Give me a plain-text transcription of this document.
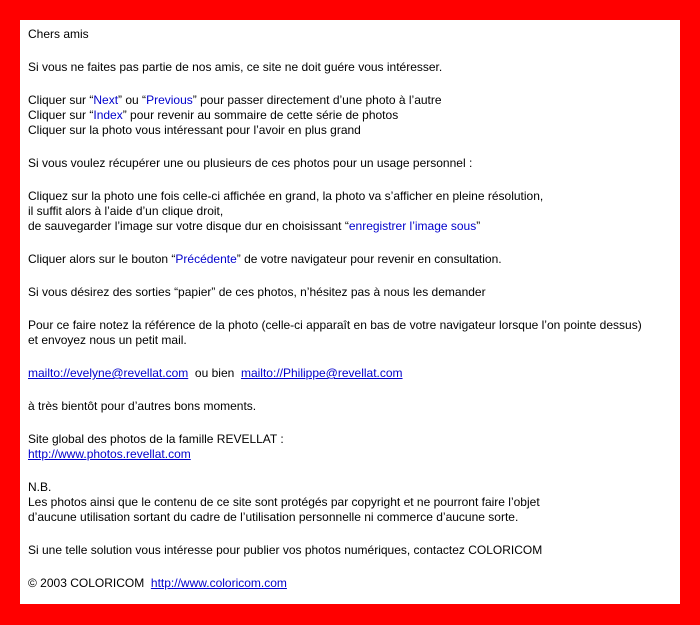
Chers amis

Si vous ne faites pas partie de nos amis, ce site ne doit guére vous intéresser.

Cliquer sur “Next” ou “Previous” pour passer directement d’une photo à l’autre

Cliquer sur “Index” pour revenir au sommaire de cette série de photos

Cliquer sur la photo vous intéressant pour l’avoir en plus grand

Si vous voulez récupérer une ou plusieurs de ces photos pour un usage personnel :

Cliquez sur la photo une fois celle-ci affichée en grand, la photo va s’afficher en pleine résolution,

il suffit alors à l’aide d’un clique droit,

de sauvegarder l’image sur votre disque dur en choisissant “enregistrer l’image sous”

Cliquer alors sur le bouton “Précédente” de votre navigateur pour revenir en consultation.

Si vous désirez des sorties “papier” de ces photos, n’hésitez pas à nous les demander

Pour ce faire notez la référence de la photo (celle-ci apparaît en bas de votre navigateur lorsque l’on pointe dessus)

et envoyez nous un petit mail.

mailto://evelyne@revellat.com  ou bien  mailto://Philippe@revellat.com

à très bientôt pour d’autres bons moments.

Site global des photos de la famille REVELLAT :

http://www.photos.revellat.com

N.B.

Les photos ainsi que le contenu de ce site sont protégés par copyright et ne pourront faire l’objet

d’aucune utilisation sortant du cadre de l’utilisation personnelle ni commerce d’aucune sorte.

Si une telle solution vous intéresse pour publier vos photos numériques, contactez COLORICOM

© 2003 COLORICOM  http://www.coloricom.com
